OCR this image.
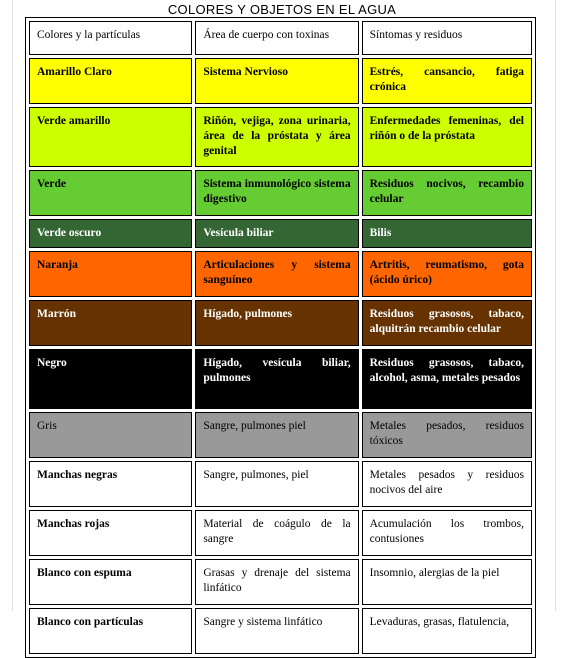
COLORES Y OBJETOS EN EL AGUA
Colores y la partículas	Área de cuerpo con toxinas	Síntomas y residuos
Amarillo Claro	Sistema Nervioso	Estrés, cansancio, fatiga crónica
Verde amarillo	Riñón, vejiga, zona urinaria, área de la próstata y área genital	Enfermedades femeninas, del riñón o de la próstata
Verde	Sistema inmunológico sistema digestivo	Residuos nocivos, recambio celular
Verde oscuro	Vesícula biliar	Bilis
Naranja	Articulaciones y sistema sanguíneo	Artritis, reumatismo, gota (ácido úrico)
Marrón	Hígado, pulmones	Residuos grasosos, tabaco, alquitrán recambio celular
Negro	Hígado, vesícula biliar, pulmones	Residuos grasosos, tabaco, alcohol, asma, metales pesados
Gris	Sangre, pulmones piel	Metales pesados, residuos tóxicos
Manchas negras	Sangre, pulmones, piel	Metales pesados y residuos nocivos del aire
Manchas rojas	Material de coágulo de la sangre	Acumulación los trombos, contusiones
Blanco con espuma	Grasas y drenaje del sistema linfático	Insomnio, alergias de la piel
Blanco con partículas	Sangre y sistema linfático	Levaduras, grasas, flatulencia,
